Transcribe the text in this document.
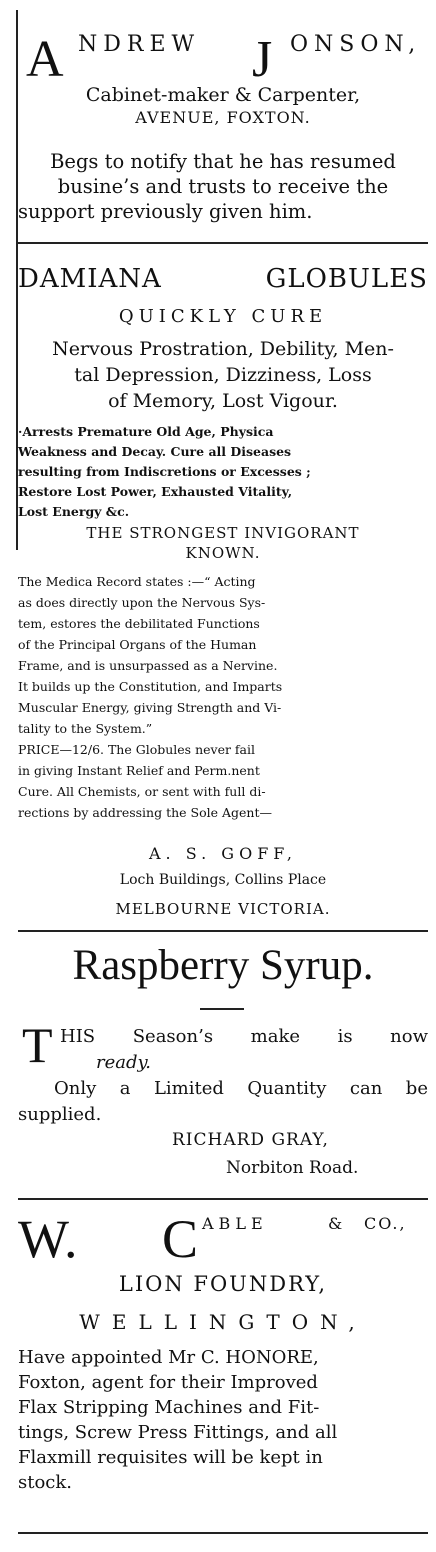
A NDREW J ONSON,
Cabinet-maker & Carpenter,
AVENUE, FOXTON.
Begs to notify that he has resumed
busine’s and trusts to receive the
support previously given him.
DAMIANA	GLOBULES
QUICKLY CURE
Nervous Prostration, Debility, Men-
tal Depression, Dizziness, Loss
of Memory, Lost Vigour.
·Arrests Premature Old Age, Physica
Weakness and Decay. Cure all Diseases
resulting from Indiscretions or Excesses ;
Restore Lost Power, Exhausted Vitality,
Lost Energy &c.
THE STRONGEST INVIGORANT
KNOWN.
The Medica Record states :—“ Acting
as does directly upon the Nervous Sys-
tem, estores the debilitated Functions
of the Principal Organs of the Human
Frame, and is unsurpassed as a Nervine.
It builds up the Constitution, and Imparts
Muscular Energy, giving Strength and Vi-
tality to the System.”
PRICE—12/6. The Globules never fail
in giving Instant Relief and Perm.nent
Cure. All Chemists, or sent with full di-
rections by addressing the Sole Agent—
A. S. GOFF,
Loch Buildings, Collins Place
MELBOURNE VICTORIA.
Raspberry Syrup.
T HIS Season’s make is now
ready.
Only a Limited Quantity can be
supplied.
RICHARD GRAY,
Norbiton Road.
W. C ABLE	&	CO.,
LION FOUNDRY,
WELLINGTON,
Have appointed Mr C. HONORE,
Foxton, agent for their Improved
Flax Stripping Machines and Fit-
tings, Screw Press Fittings, and all
Flaxmill requisites will be kept in
stock.
